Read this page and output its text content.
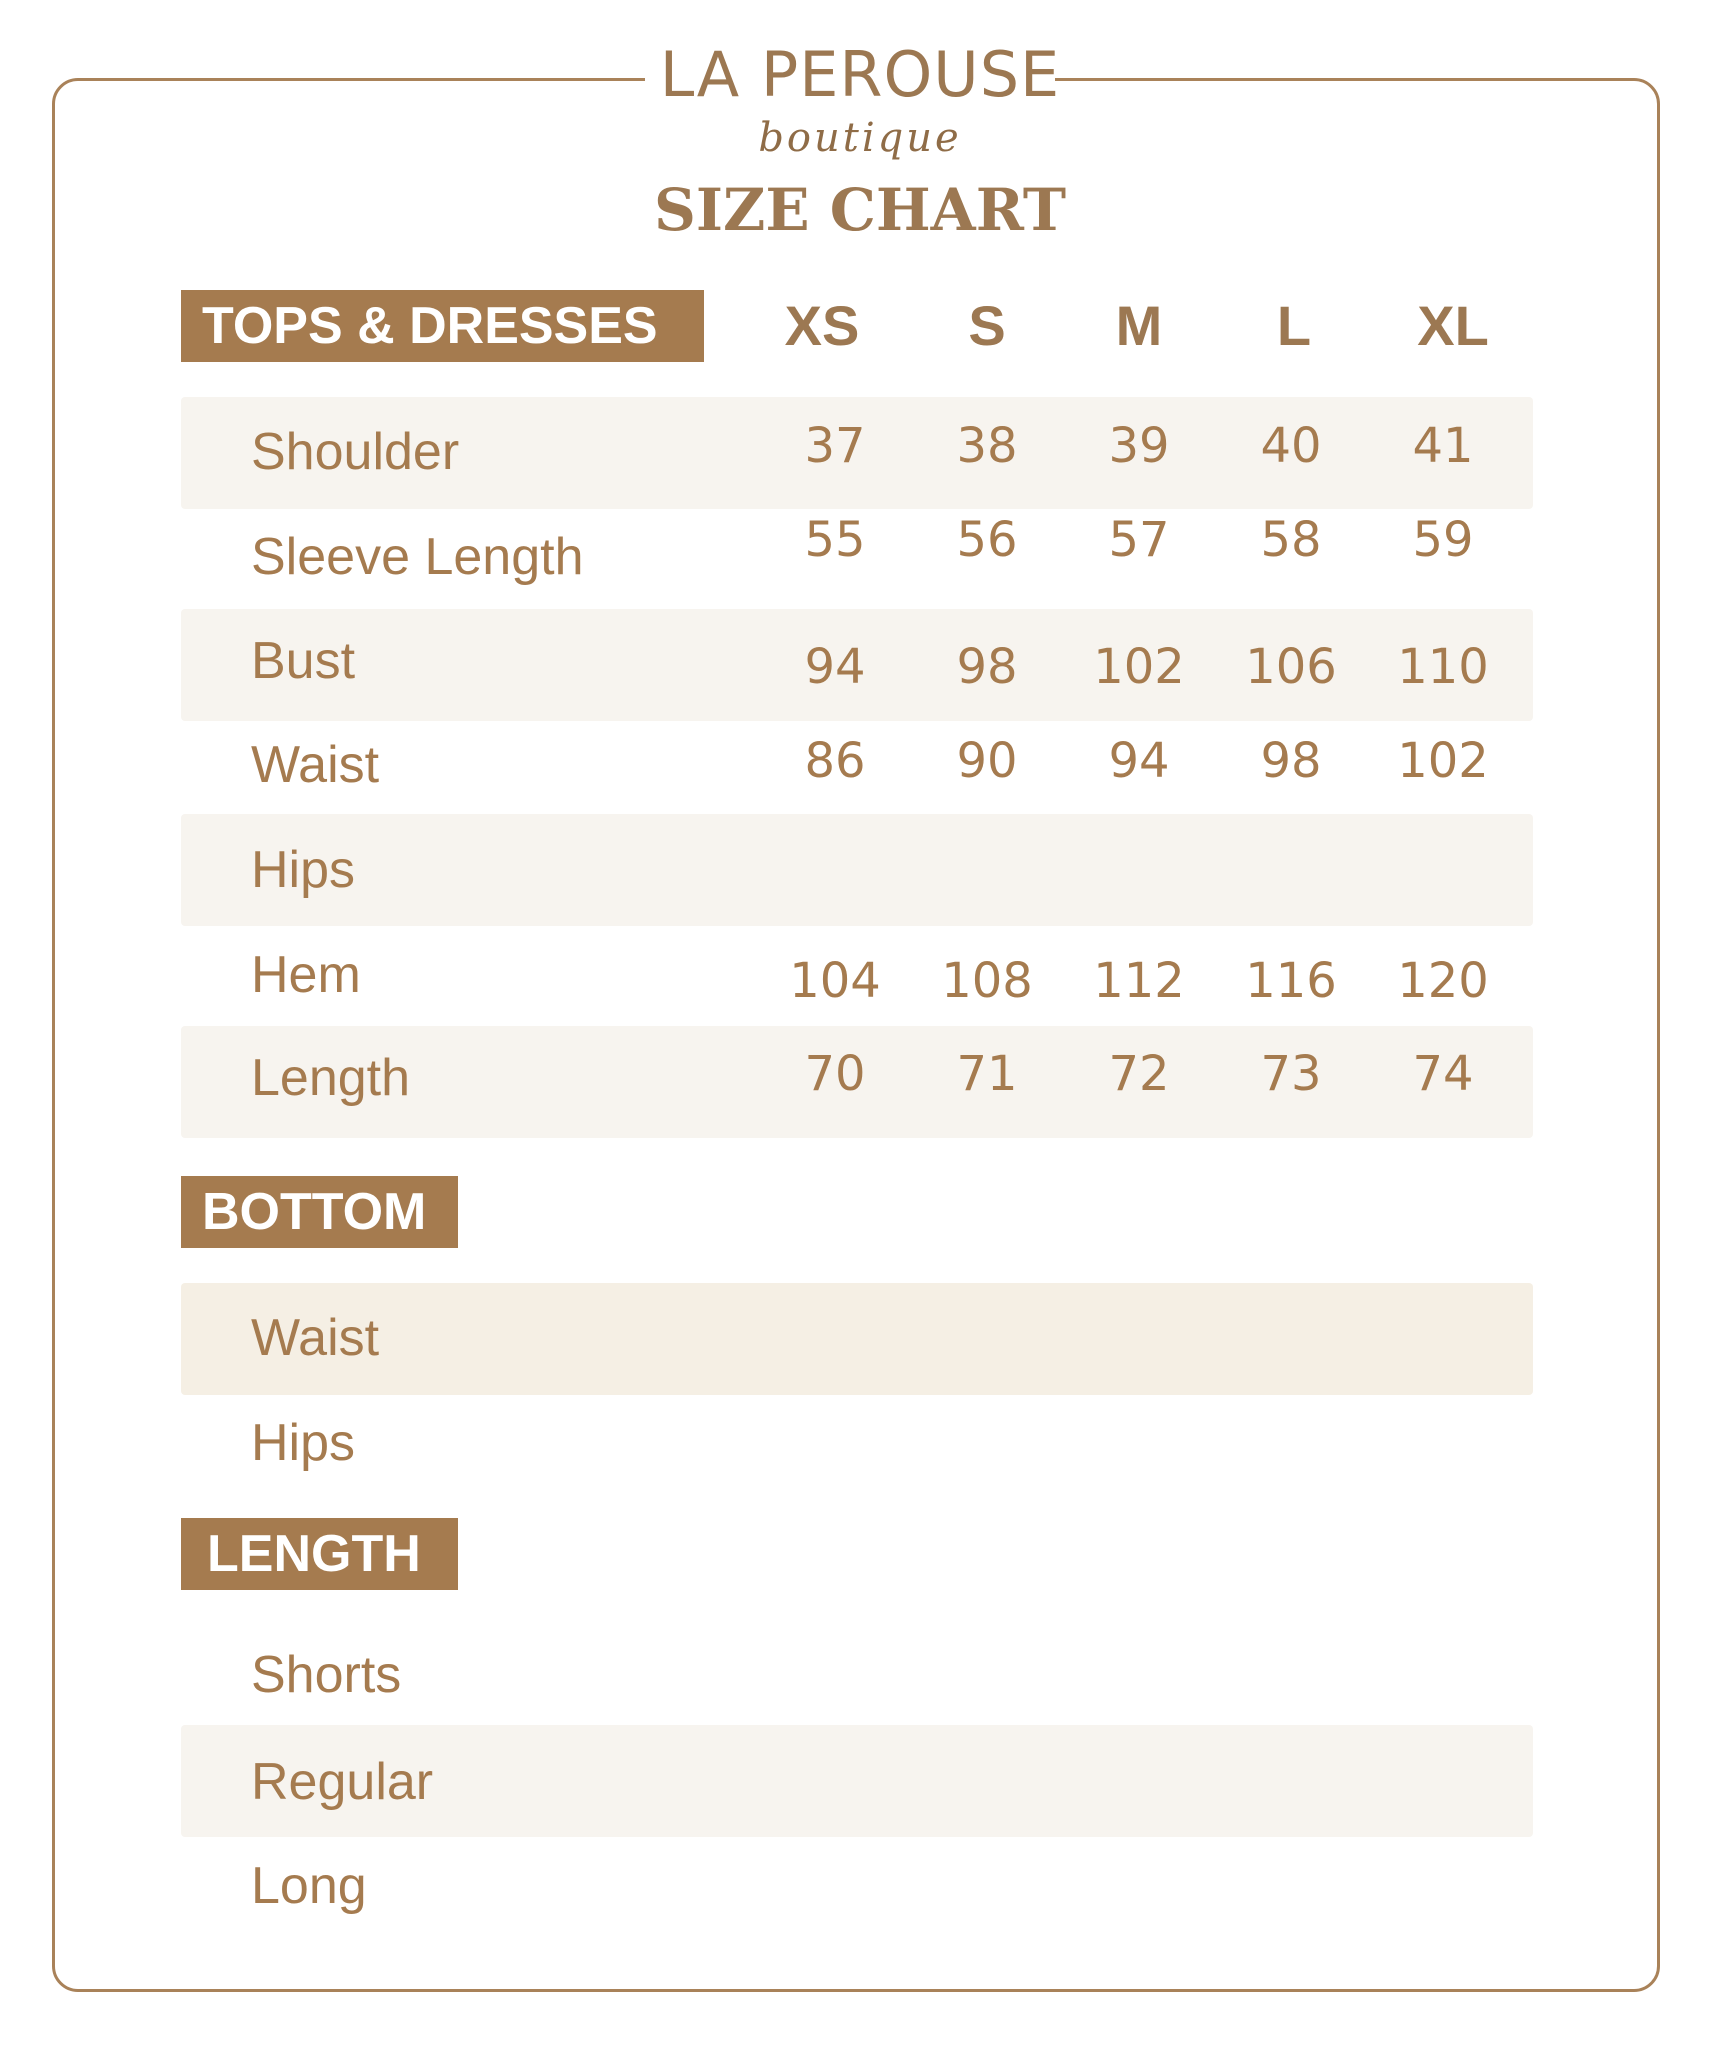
LA PEROUSE
boutique
SIZE CHART
TOPS & DRESSES	XS	S	M	L	XL
Shoulder	37	38	39	40	41
Sleeve Length	55	56	57	58	59
Bust	94	98	102	106	110
Waist	86	90	94	98	102
Hips
Hem	104	108	112	116	120
Length	70	71	72	73	74
BOTTOM
Waist
Hips
LENGTH
Shorts
Regular
Long
